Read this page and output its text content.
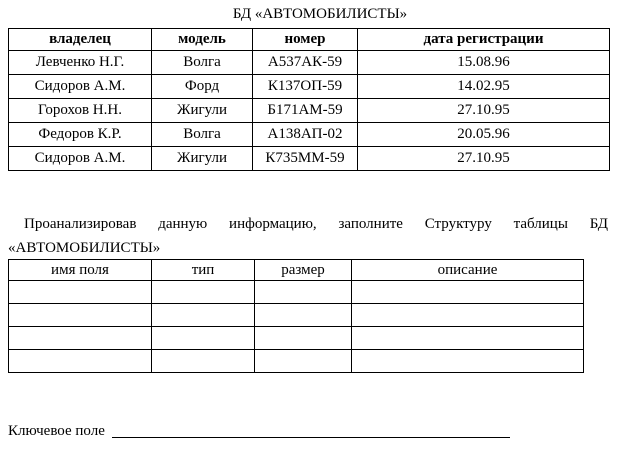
БД «АВТОМОБИЛИСТЫ»
владелец	модель	номер	дата регистрации
Левченко Н.Г.	Волга	А537АК-59	15.08.96
Сидоров А.М.	Форд	К137ОП-59	14.02.95
Горохов Н.Н.	Жигули	Б171АМ-59	27.10.95
Федоров К.Р.	Волга	А138АП-02	20.05.96
Сидоров А.М.	Жигули	К735ММ-59	27.10.95
Проанализировав данную информацию, заполните Структуру таблицы БД
«АВТОМОБИЛИСТЫ»
имя поля	тип	размер	описание

Ключевое поле
